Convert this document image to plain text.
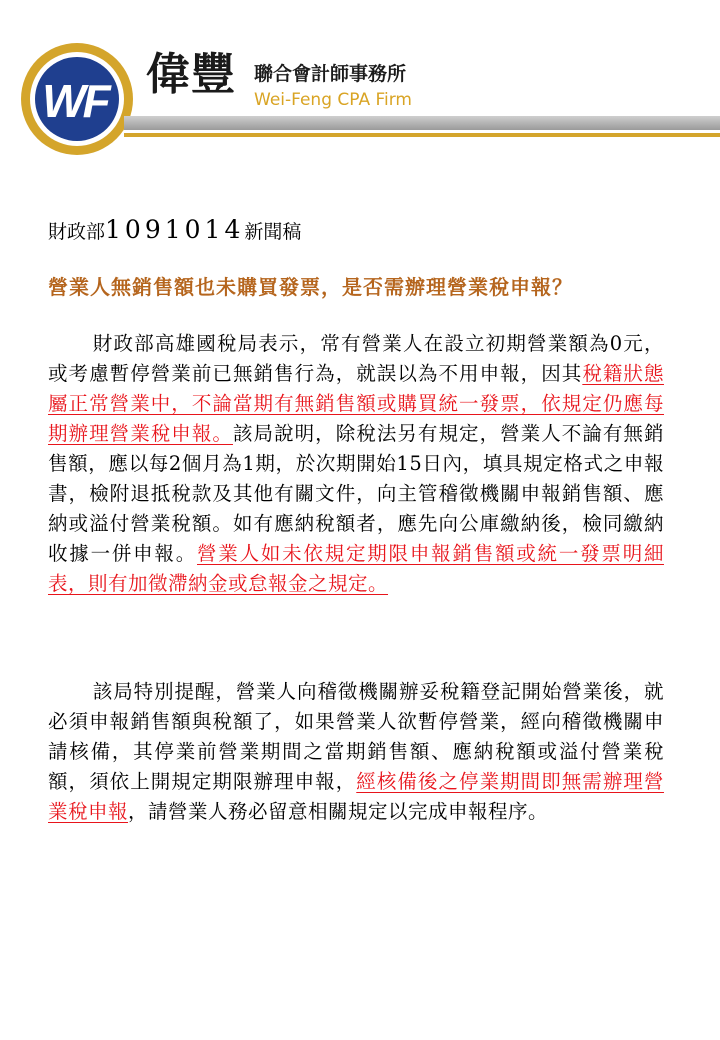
WF
偉豐 聯合會計師事務所
Wei-Feng CPA Firm
財政部1091014新聞稿
營業人無銷售額也未購買發票，是否需辦理營業稅申報？

財政部高雄國稅局表示，常有營業人在設立初期營業額為0元，或考慮暫停營業前已無銷售行為，就誤以為不用申報，因其稅籍狀態屬正常營業中，不論當期有無銷售額或購買統一發票，依規定仍應每期辦理營業稅申報。該局說明，除稅法另有規定，營業人不論有無銷售額，應以每2個月為1期，於次期開始15日內，填具規定格式之申報書，檢附退抵稅款及其他有關文件，向主管稽徵機關申報銷售額、應納或溢付營業稅額。如有應納稅額者，應先向公庫繳納後，檢同繳納收據一併申報。營業人如未依規定期限申報銷售額或統一發票明細表，則有加徵滯納金或怠報金之規定。

該局特別提醒，營業人向稽徵機關辦妥稅籍登記開始營業後，就必須申報銷售額與稅額了，如果營業人欲暫停營業，經向稽徵機關申請核備，其停業前營業期間之當期銷售額、應納稅額或溢付營業稅額，須依上開規定期限辦理申報，經核備後之停業期間即無需辦理營業稅申報，請營業人務必留意相關規定以完成申報程序。
